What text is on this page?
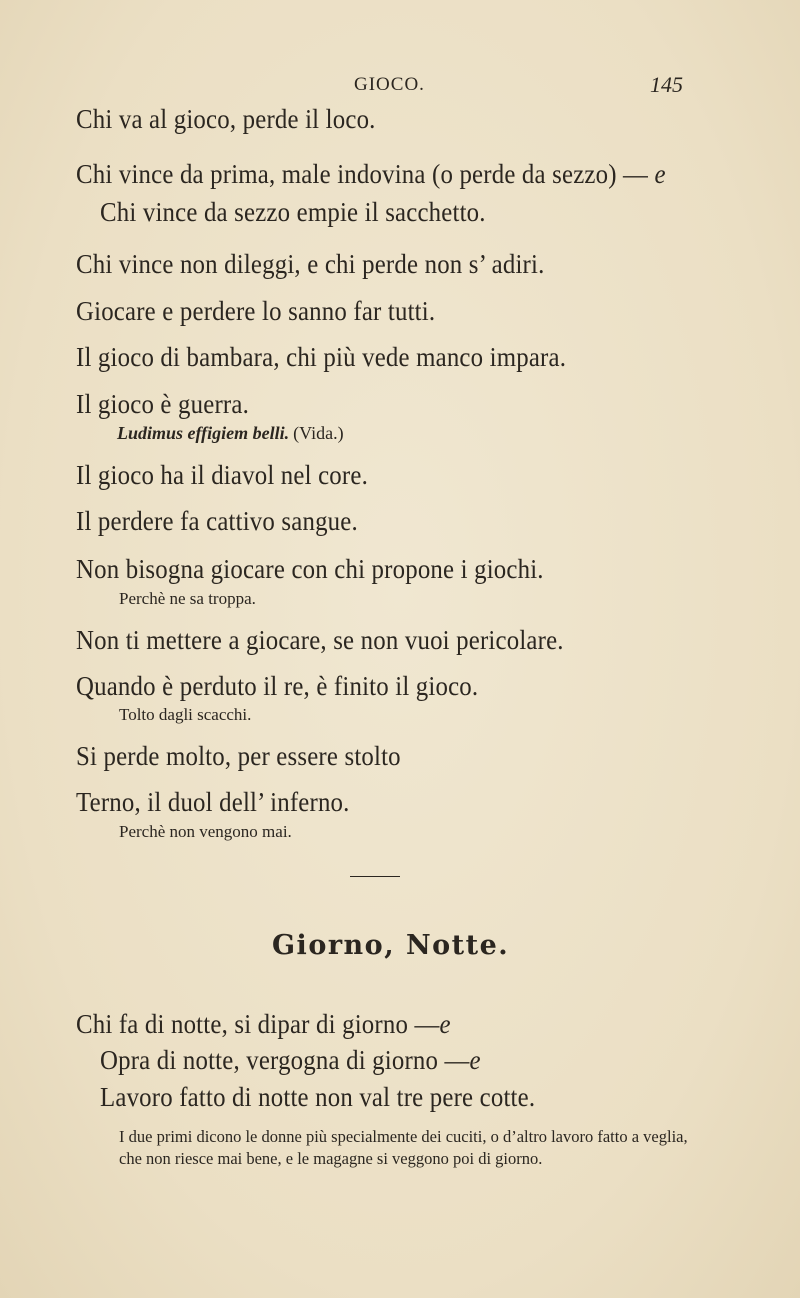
GIOCO.	145
Chi va al gioco, perde il loco.
Chi vince da prima, male indovina (o perde da sezzo) — e
Chi vince da sezzo empie il sacchetto.
Chi vince non dileggi, e chi perde non s’ adiri.
Giocare e perdere lo sanno far tutti.
Il gioco di bambara, chi più vede manco impara.
Il gioco è guerra.
Ludimus effigiem belli. (Vida.)
Il gioco ha il diavol nel core.
Il perdere fa cattivo sangue.
Non bisogna giocare con chi propone i giochi.
Perchè ne sa troppa.
Non ti mettere a giocare, se non vuoi pericolare.
Quando è perduto il re, è finito il gioco.
Tolto dagli scacchi.
Si perde molto, per essere stolto
Terno, il duol dell’ inferno.
Perchè non vengono mai.
Giorno, Notte.
Chi fa di notte, si dipar di giorno —e
Opra di notte, vergogna di giorno —e
Lavoro fatto di notte non val tre pere cotte.
I due primi dicono le donne più specialmente dei cuciti, o d’altro lavoro fatto a veglia, che non riesce mai bene, e le magagne si veggono poi di giorno.
